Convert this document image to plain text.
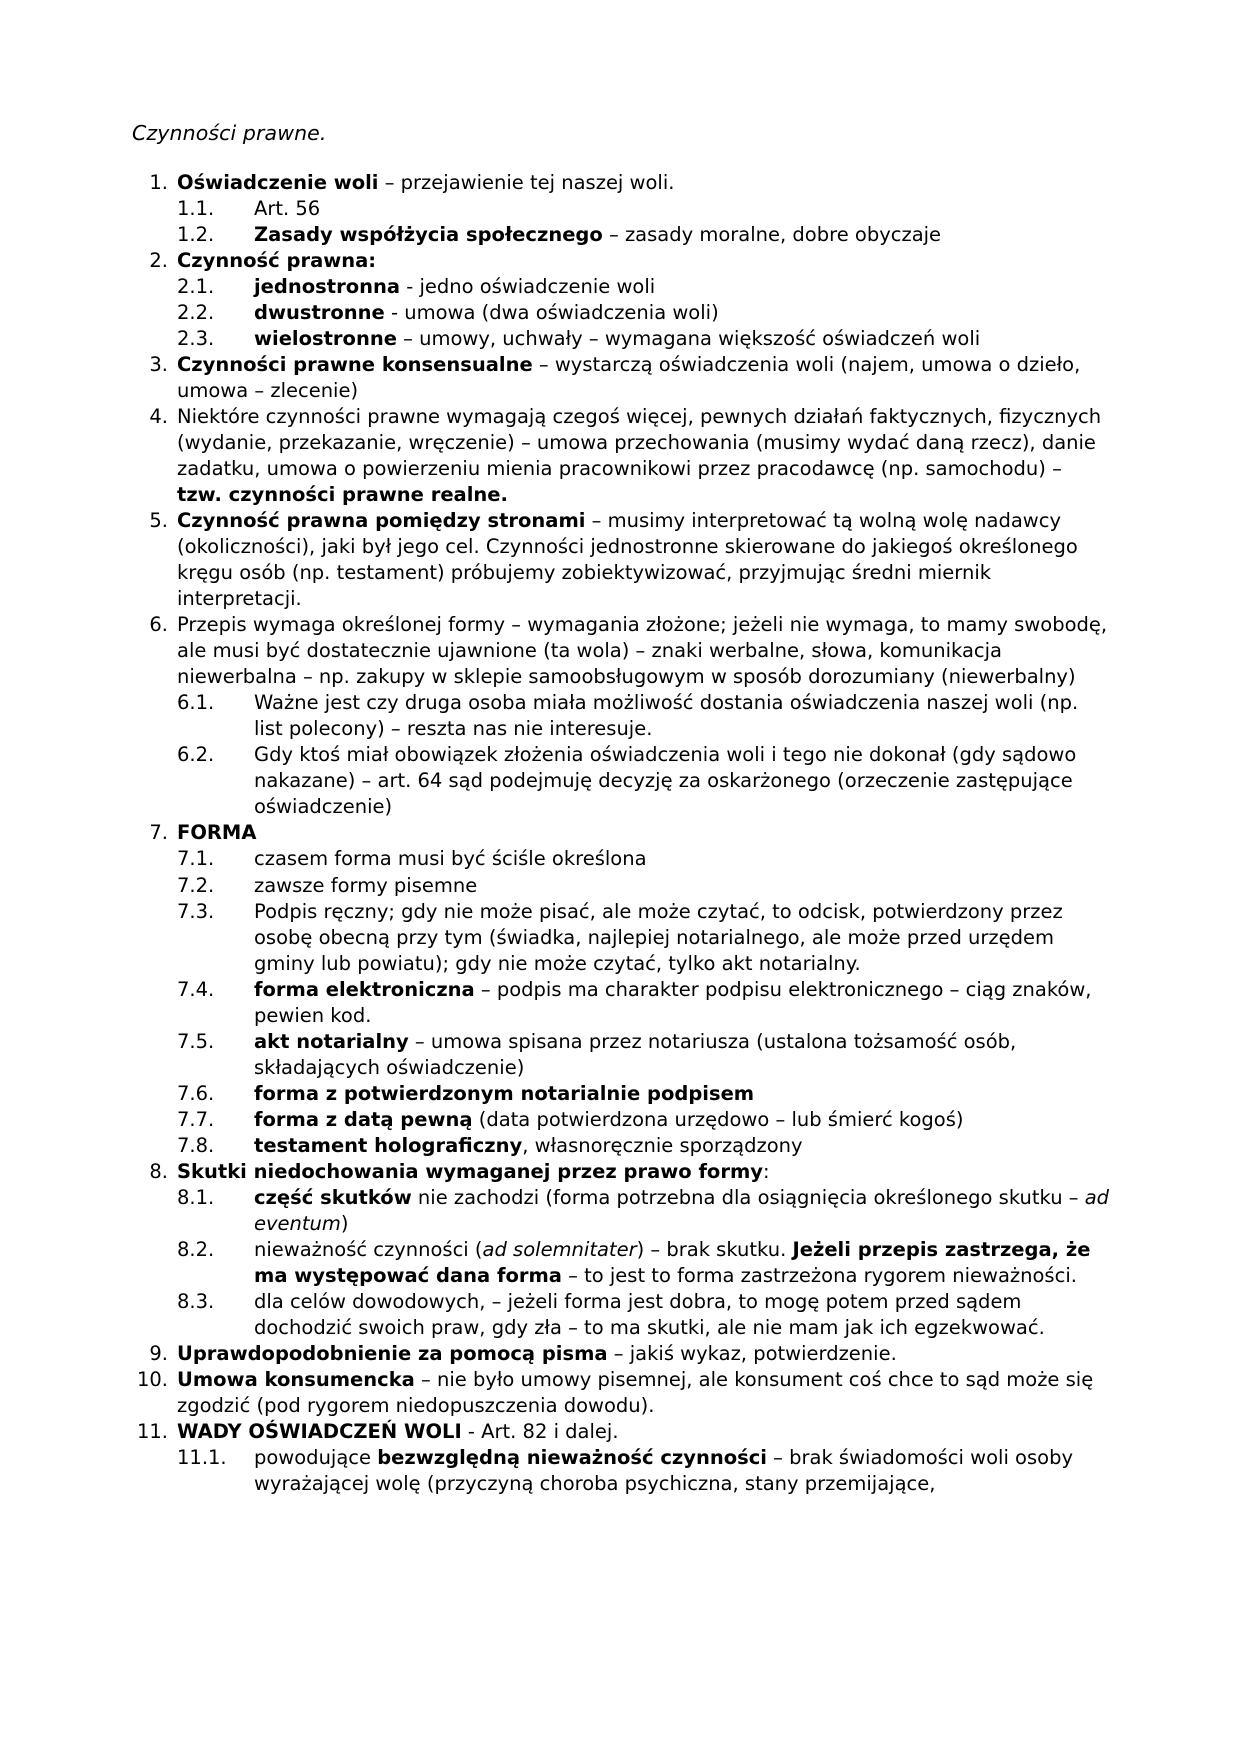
Czynności prawne.
1. Oświadczenie woli – przejawienie tej naszej woli.
1.1.	Art. 56
1.2.	Zasady współżycia społecznego – zasady moralne, dobre obyczaje
2. Czynność prawna:
2.1.	jednostronna - jedno oświadczenie woli
2.2.	dwustronne - umowa (dwa oświadczenia woli)
2.3.	wielostronne – umowy, uchwały – wymagana większość oświadczeń woli
3. Czynności prawne konsensualne – wystarczą oświadczenia woli (najem, umowa o dzieło, umowa – zlecenie)
4. Niektóre czynności prawne wymagają czegoś więcej, pewnych działań faktycznych, fizycznych (wydanie, przekazanie, wręczenie) – umowa przechowania (musimy wydać daną rzecz), danie zadatku, umowa o powierzeniu mienia pracownikowi przez pracodawcę (np. samochodu) – tzw. czynności prawne realne.
5. Czynność prawna pomiędzy stronami – musimy interpretować tą wolną wolę nadawcy (okoliczności), jaki był jego cel. Czynności jednostronne skierowane do jakiegoś określonego kręgu osób (np. testament) próbujemy zobiektywizować, przyjmując średni miernik interpretacji.
6. Przepis wymaga określonej formy – wymagania złożone; jeżeli nie wymaga, to mamy swobodę, ale musi być dostatecznie ujawnione (ta wola) – znaki werbalne, słowa, komunikacja niewerbalna – np. zakupy w sklepie samoobsługowym w sposób dorozumiany (niewerbalny)
6.1.	Ważne jest czy druga osoba miała możliwość dostania oświadczenia naszej woli (np. list polecony) – reszta nas nie interesuje.
6.2.	Gdy ktoś miał obowiązek złożenia oświadczenia woli i tego nie dokonał (gdy sądowo nakazane) – art. 64 sąd podejmuję decyzję za oskarżonego (orzeczenie zastępujące oświadczenie)
7. FORMA
7.1.	czasem forma musi być ściśle określona
7.2.	zawsze formy pisemne
7.3.	Podpis ręczny; gdy nie może pisać, ale może czytać, to odcisk, potwierdzony przez osobę obecną przy tym (świadka, najlepiej notarialnego, ale może przed urzędem gminy lub powiatu); gdy nie może czytać, tylko akt notarialny.
7.4.	forma elektroniczna – podpis ma charakter podpisu elektronicznego – ciąg znaków, pewien kod.
7.5.	akt notarialny – umowa spisana przez notariusza (ustalona tożsamość osób, składających oświadczenie)
7.6.	forma z potwierdzonym notarialnie podpisem
7.7.	forma z datą pewną (data potwierdzona urzędowo – lub śmierć kogoś)
7.8.	testament holograficzny, własnoręcznie sporządzony
8. Skutki niedochowania wymaganej przez prawo formy:
8.1.	część skutków nie zachodzi (forma potrzebna dla osiągnięcia określonego skutku – ad eventum)
8.2.	nieważność czynności (ad solemnitater) – brak skutku. Jeżeli przepis zastrzega, że ma występować dana forma – to jest to forma zastrzeżona rygorem nieważności.
8.3.	dla celów dowodowych, – jeżeli forma jest dobra, to mogę potem przed sądem dochodzić swoich praw, gdy zła – to ma skutki, ale nie mam jak ich egzekwować.
9. Uprawdopodobnienie za pomocą pisma – jakiś wykaz, potwierdzenie.
10. Umowa konsumencka – nie było umowy pisemnej, ale konsument coś chce to sąd może się zgodzić (pod rygorem niedopuszczenia dowodu).
11. WADY OŚWIADCZEŃ WOLI - Art. 82 i dalej.
11.1.	powodujące bezwzględną nieważność czynności – brak świadomości woli osoby wyrażającej wolę (przyczyną choroba psychiczna, stany przemijające,
